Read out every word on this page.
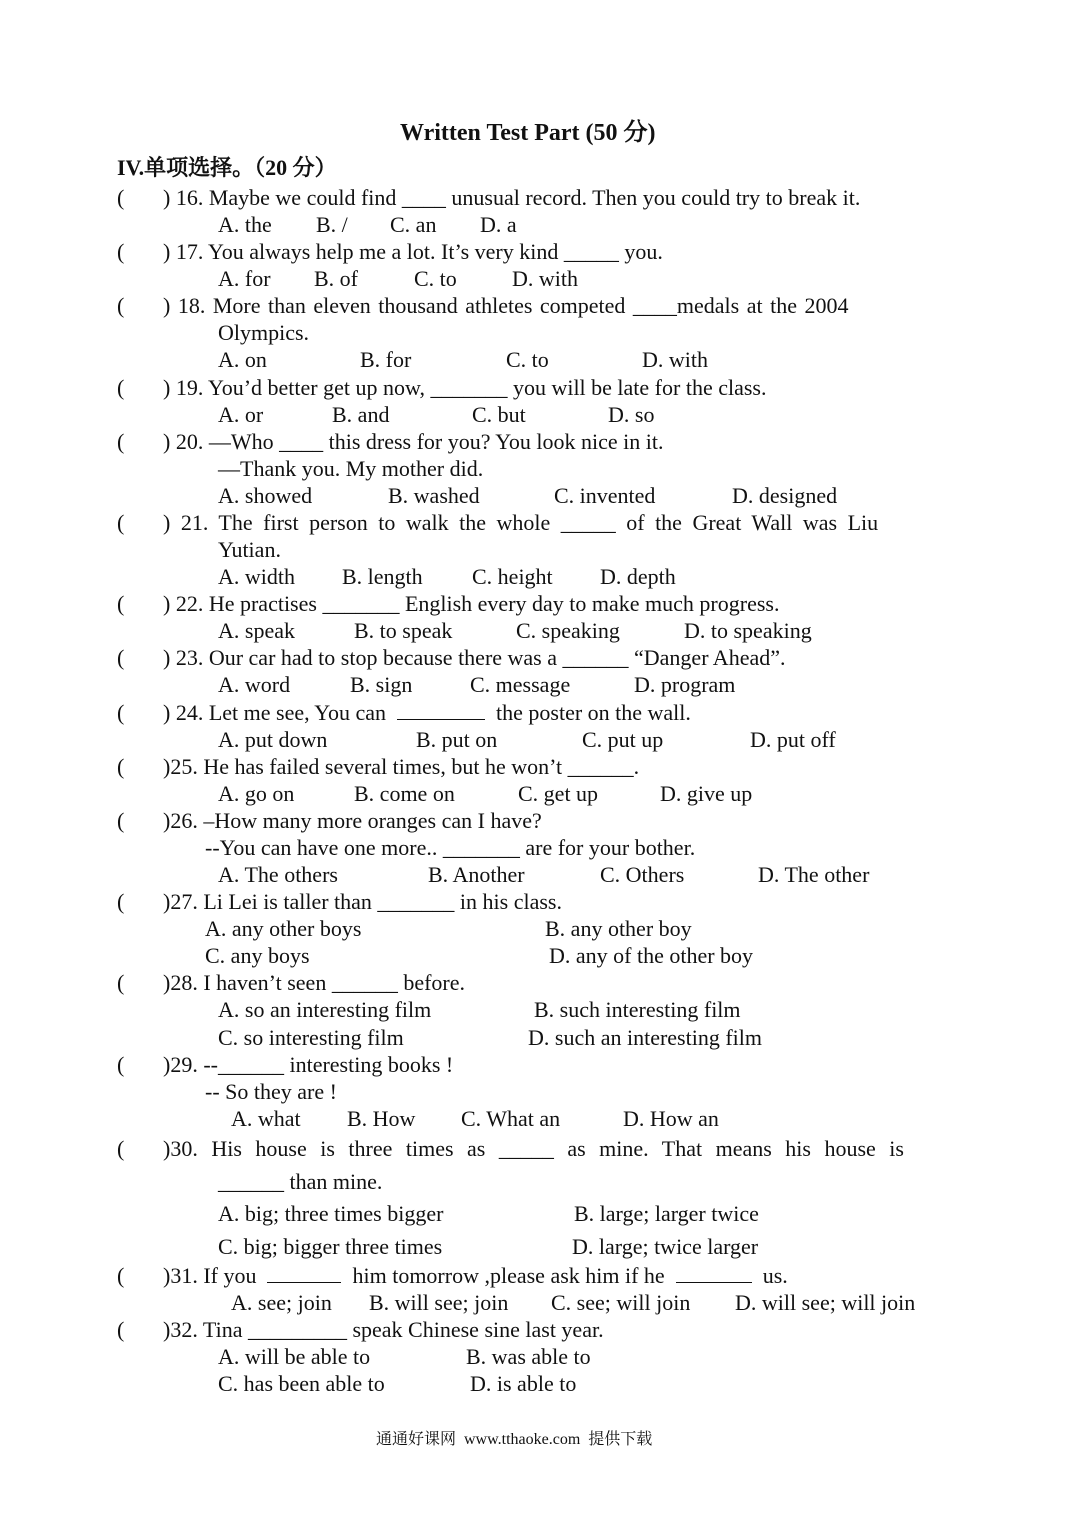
Written Test Part (50 分)
IV.单项选择。（20 分）
( ) 16. Maybe we could find ____ unusual record. Then you could try to break it.

A. the

B. /

C. an

D. a

( ) 17. You always help me a lot. It’s very kind _____ you.

A. for

B. of

	C. to

	D. with

( ) 18. More than eleven thousand athletes competed ____medals at the 2004
Olympics.

A. on

	B. for

	C. to

	D. with

( ) 19. You’d better get up now, _______ you will be late for the class.

A. or

	B. and

	C. but

	D. so

( ) 20. —Who ____ this dress for you? You look nice in it.
—Thank you. My mother did.

A. showed

	B. washed

	C. invented

	D. designed

( ) 21. The first person to walk the whole _____ of the Great Wall was Liu
Yutian.

A. width

B. length

C. height

D. depth

( ) 22. He practises _______ English every day to make much progress.

A. speak

	B. to speak

	C. speaking

	D. to speaking

( ) 23. Our car had to stop because there was a ______ “Danger Ahead”.

A. word

	B. sign

	C. message

	D. program

( ) 24. Let me see, You can	the poster on the wall.

A. put down

	B. put on

	C. put up

	D. put off

( )25. He has failed several times, but he won’t ______.

A. go on

	B. come on

	C. get up

	D. give up

( )26. –How many more oranges can I have?
--You can have one more.. _______ are for your bother.

A. The others

	B. Another

	C. Others

	D. The other

( )27. Li Lei is taller than _______ in his class.

A. any other boys

	B. any other boy

C. any boys

	D. any of the other boy

( )28. I haven’t seen ______ before.

A. so an interesting film

	B. such interesting film

C. so interesting film

	D. such an interesting film

( )29. --______ interesting books !
-- So they are !

A. what

B. How

C. What an

	D. How an

( )30. His house is three times as _____ as mine. That means his house is
______ than mine.

A. big; three times bigger

	B. large; larger twice

C. big; bigger three times

	D. large; twice larger

( )31. If you	him tomorrow ,please ask him if he	us.

A. see; join

B. will see; join

C. see; will join

D. will see; will join

( )32. Tina _________ speak Chinese sine last year.

A. will be able to

	B. was able to

C. has been able to

	D. is able to

通通好课网  www.tthaoke.com  提供下载
